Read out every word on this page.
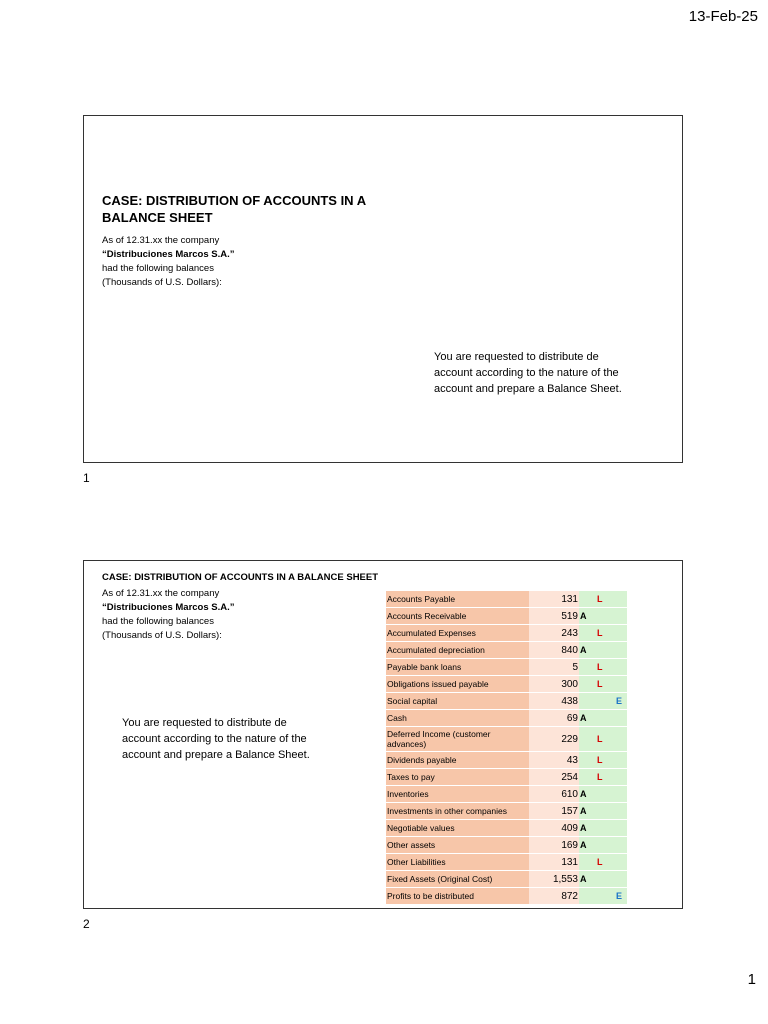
13-Feb-25
CASE: DISTRIBUTION OF ACCOUNTS IN A
BALANCE SHEET
As of 12.31.xx the company
“Distribuciones Marcos S.A.”
had the following balances
(Thousands of U.S. Dollars):
You are requested to distribute de account according to the nature of the account and prepare a Balance Sheet.
1
CASE: DISTRIBUTION OF ACCOUNTS IN A BALANCE SHEET
As of 12.31.xx the company
“Distribuciones Marcos S.A.”
had the following balances
(Thousands of U.S. Dollars):
You are requested to distribute de account according to the nature of the account and prepare a Balance Sheet.
Accounts Payable	131	L
Accounts Receivable	519	A
Accumulated Expenses	243	L
Accumulated depreciation	840	A
Payable bank loans	5	L
Obligations issued payable	300	L
Social capital	438	E
Cash	69	A
Deferred Income (customer advances)	229	L
Dividends payable	43	L
Taxes to pay	254	L
Inventories	610	A
Investments in other companies	157	A
Negotiable values	409	A
Other assets	169	A
Other Liabilities	131	L
Fixed Assets (Original Cost)	1,553	A
Profits to be distributed	872	E
2
1
